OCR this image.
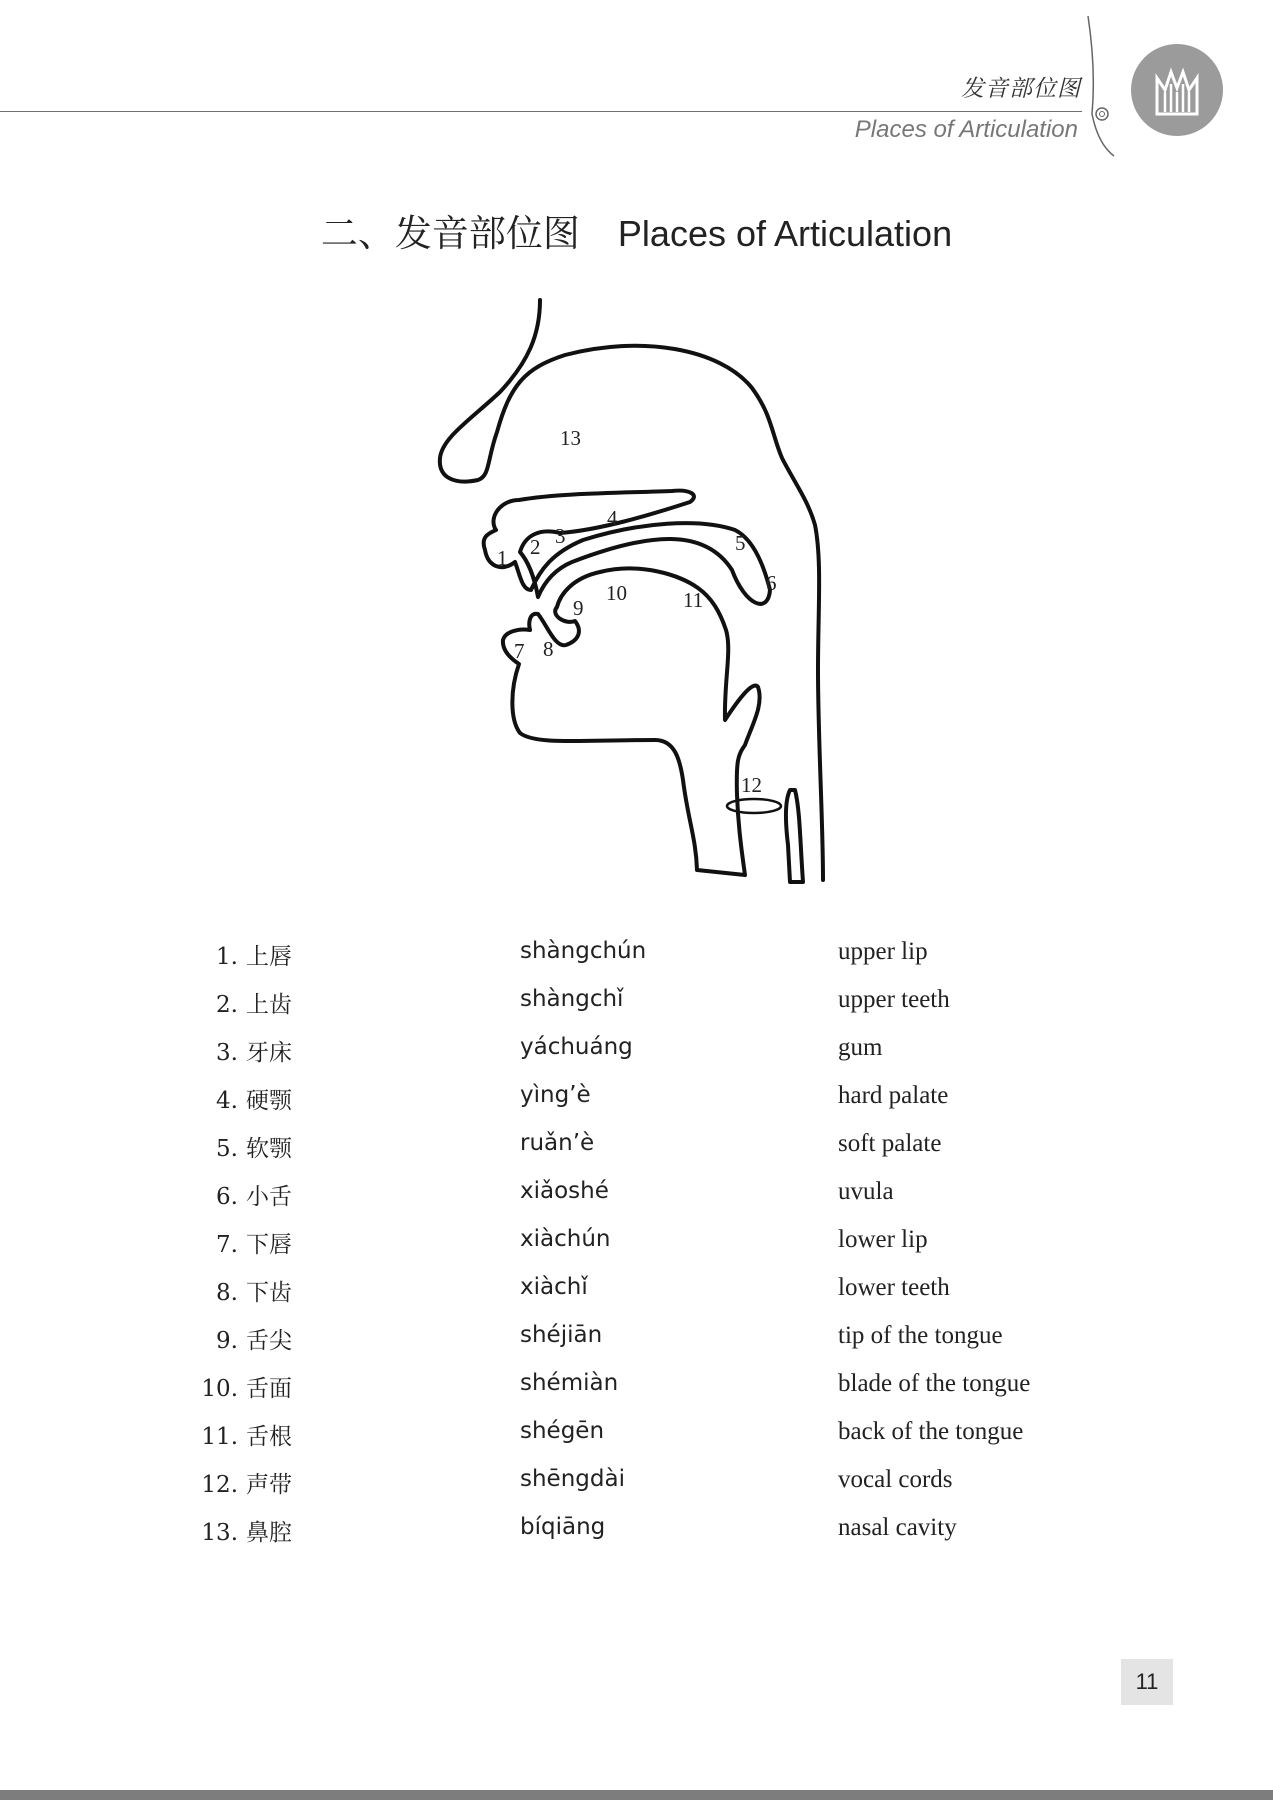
发音部位图
Places of Articulation
二、发音部位图 Places of Articulation
1 2 3
4
5
6
7 8
9
10	11
12
13
1. 上唇	shàngchún	upper lip
2. 上齿	shàngchǐ	upper teeth
3. 牙床	yáchuáng	gum
4. 硬颚	yìng’è	hard palate
5. 软颚	ruǎn’è	soft palate
6. 小舌	xiǎoshé	uvula
7. 下唇	xiàchún	lower lip
8. 下齿	xiàchǐ	lower teeth
9. 舌尖	shéjiān	tip of the tongue
10. 舌面	shémiàn	blade of the tongue
11. 舌根	shégēn	back of the tongue
12. 声带	shēngdài	vocal cords
13. 鼻腔	bíqiāng	nasal cavity
11
